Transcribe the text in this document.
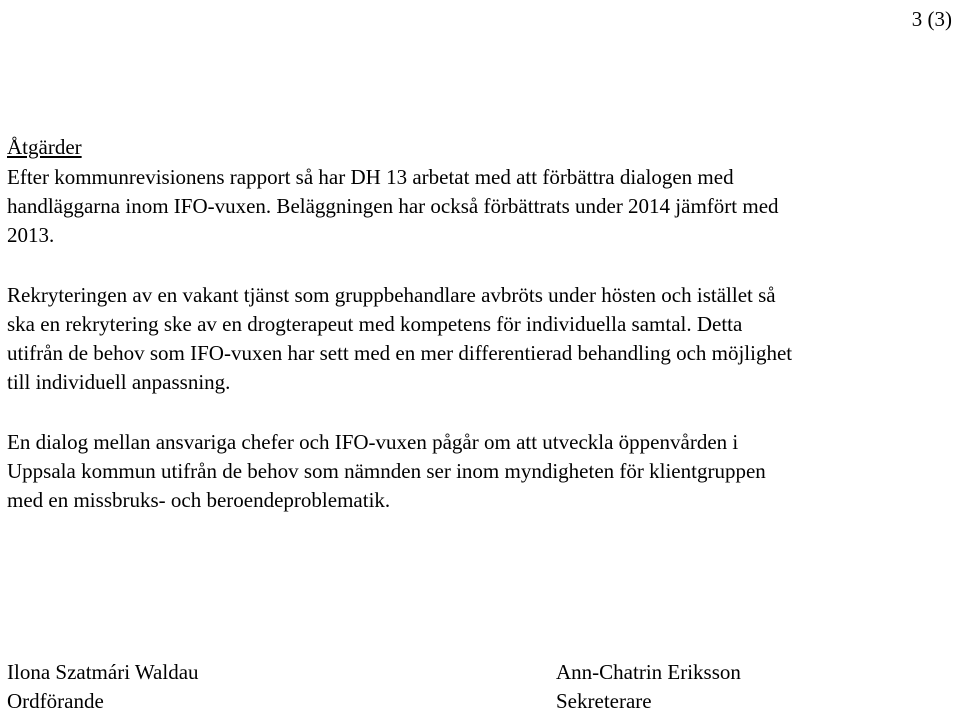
3 (3)
Åtgärder
Efter kommunrevisionens rapport så har DH 13 arbetat med att förbättra dialogen med
handläggarna inom IFO-vuxen. Beläggningen har också förbättrats under 2014 jämfört med
2013.
Rekryteringen av en vakant tjänst som gruppbehandlare avbröts under hösten och istället så
ska en rekrytering ske av en drogterapeut med kompetens för individuella samtal. Detta
utifrån de behov som IFO-vuxen har sett med en mer differentierad behandling och möjlighet
till individuell anpassning.
En dialog mellan ansvariga chefer och IFO-vuxen pågår om att utveckla öppenvården i
Uppsala kommun utifrån de behov som nämnden ser inom myndigheten för klientgruppen
med en missbruks- och beroendeproblematik.
Ilona Szatmári Waldau
Ordförande
Ann-Chatrin Eriksson
Sekreterare
